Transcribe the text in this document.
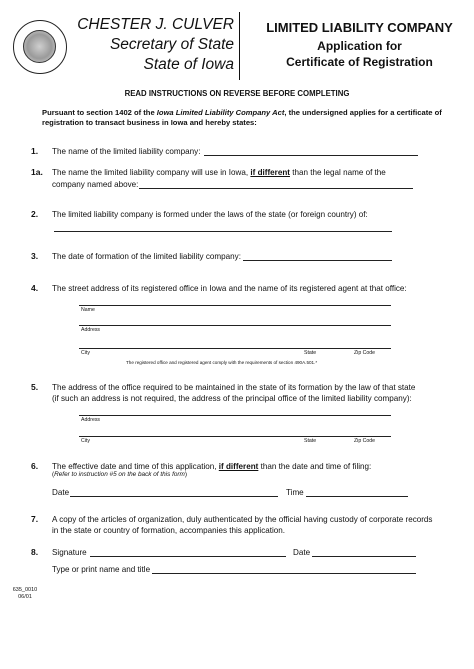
CHESTER J. CULVER
Secretary of State
State of Iowa
LIMITED LIABILITY COMPANY
Application for
Certificate of Registration
READ INSTRUCTIONS ON REVERSE BEFORE COMPLETING
Pursuant to section 1402 of the Iowa Limited Liability Company Act, the undersigned applies for a certificate of registration to transact business in Iowa and hereby states:
1. The name of the limited liability company:
1a. The name the limited liability company will use in Iowa, if different than the legal name of the
company named above:
2. The limited liability company is formed under the laws of the state (or foreign country) of:
3. The date of formation of the limited liability company:
4. The street address of its registered office in Iowa and the name of its registered agent at that office:
Name
Address
City	State	Zip Code
The registered office and registered agent comply with the requirements of section 490A.501.*
5. The address of the office required to be maintained in the state of its formation by the law of that state
(if such an address is not required, the address of the principal office of the limited liability company):
Address
City	State	Zip Code
6. The effective date and time of this application, if different than the date and time of filing:
(Refer to instruction #5 on the back of this form)
Date	Time
7. A copy of the articles of organization, duly authenticated by the official having custody of corporate records
in the state or country of formation, accompanies this application.
8. Signature	Date
Type or print name and title
635_0010
06/01
